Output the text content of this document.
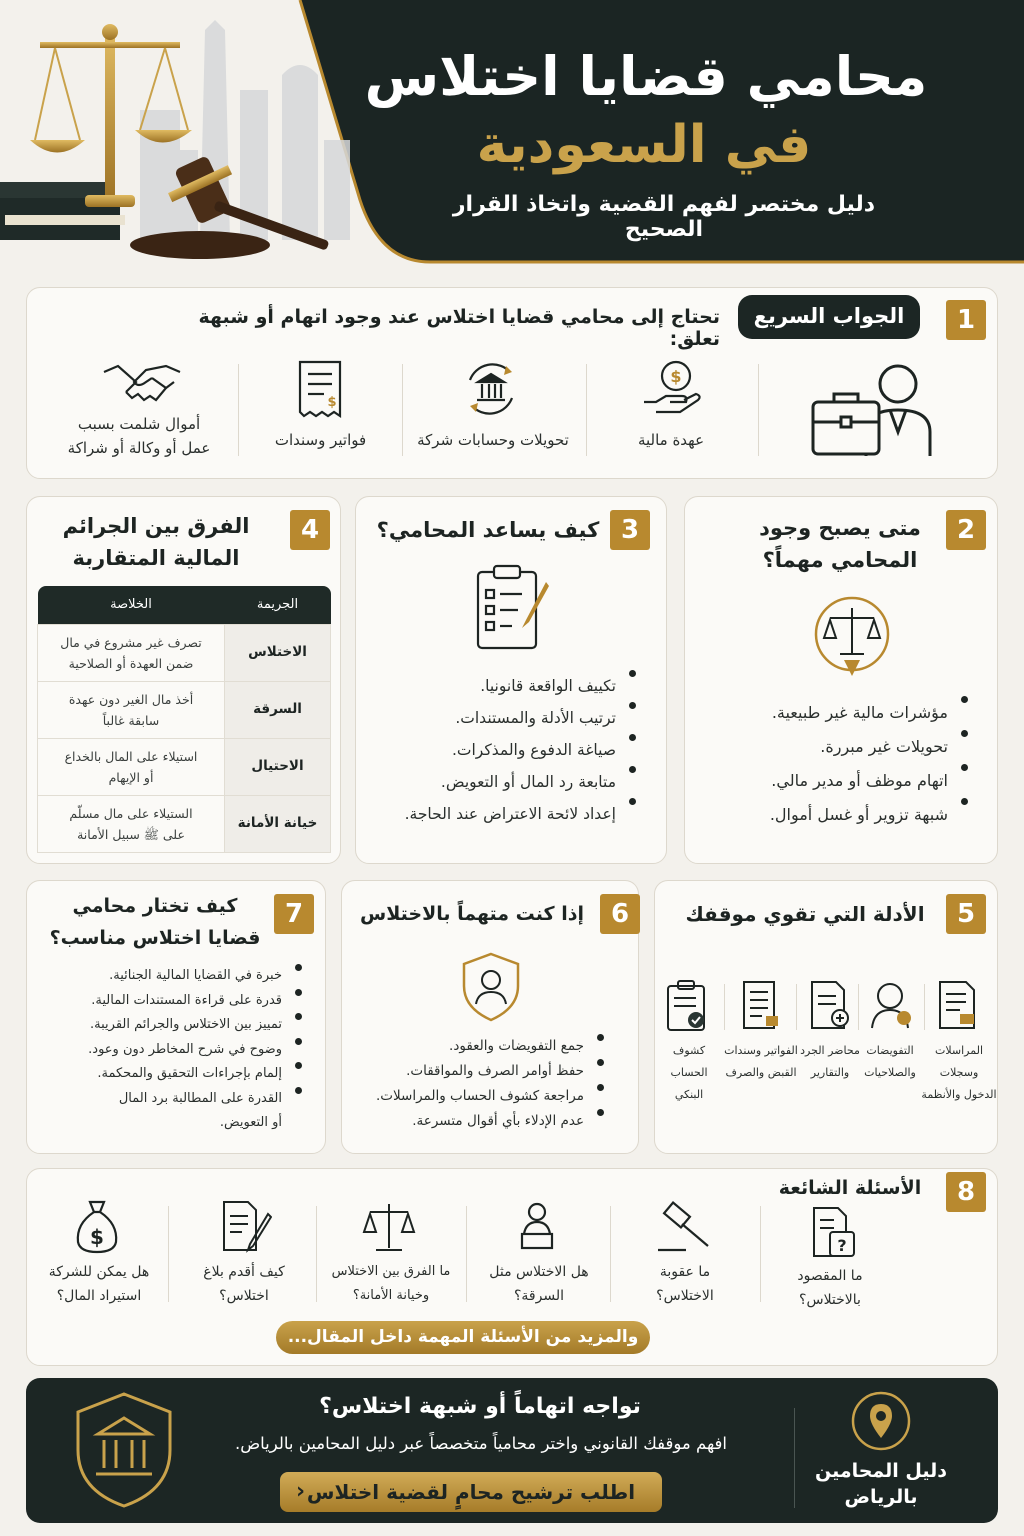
محامي قضايا اختلاس
في السعودية
دليل مختصر لفهم القضية واتخاذ القرار الصحيح
1
الجواب السريع
تحتاج إلى محامي قضايا اختلاس عند وجود اتهام أو شبهة تعلق:
$
$
عهدة مالية
تحويلات وحسابات شركة
فواتير وسندات
أموال شلمت بسبب
عمل أو وكالة أو شراكة
2
متى يصبح وجود
المحامي مهماً؟
مؤشرات مالية غير طبيعية.
تحويلات غير مبررة.
اتهام موظف أو مدير مالي.
شبهة تزوير أو غسل أموال.
3
كيف يساعد المحامي؟
تكييف الواقعة قانونيا.
ترتيب الأدلة والمستندات.
صياغة الدفوع والمذكرات.
متابعة رد المال أو التعويض.
إعداد لائحة الاعتراض عند الحاجة.
4
الفرق بين الجرائم
المالية المتقاربة
الجريمة	الخلاصة
الاختلاس	تصرف غير مشروع في مال
ضمن العهدة أو الصلاحية
السرقة	أخذ مال الغير دون عهدة
سابقة غالباً
الاحتيال	استيلاء على المال بالخداع
أو الإيهام
خيانة الأمانة	الستيلاء على مال مسلّم
على ﷺ سبيل الأمانة
5
الأدلة التي تقوي موقفك
المراسلات وسجلات
الدخول والأنظمة
التفويضات
والصلاحيات
محاضر الجرد
والتقارير
الفواتير وسندات
القبض والصرف
كشوف الحساب
البنكي
6
إذا كنت متهماً بالاختلاس
جمع التفويضات والعقود.
حفظ أوامر الصرف والمواققات.
مراجعة كشوف الحساب والمراسلات.
عدم الإدلاء بأي أقوال متسرعة.
7
كيف تختار محامي
قضايا اختلاس مناسب؟
خبرة في القضايا المالية الجنائية.
قدرة على قراءة المستندات المالية.
تمييز بين الاختلاس والجرائم القريبة.
وضوح في شرح المخاطر دون وعود.
إلمام بإجراءات التحقيق والمحكمة.
القدرة على المطالبة برد المال
أو التعويض.
8
الأسئلة الشائعة
?
$
ما المقصود
بالاختلاس؟
ما عقوبة
الاختلاس؟
هل الاختلاس مثل
السرقة؟
ما الفرق بين الاختلاس
وخيانة الأمانة؟
كيف أقدم بلاغ
اختلاس؟
هل يمكن للشركة
استيراد المال؟
والمزيد من الأسئلة المهمة داخل المقال...
تواجه اتهاماً أو شبهة اختلاس؟
افهم موقفك القانوني واختر محامياً متخصصاً عبر دليل المحامين بالرياض.
اطلب ترشيح محامٍ لقضية اختلاس
‹
دليل المحامين
بالرياض
